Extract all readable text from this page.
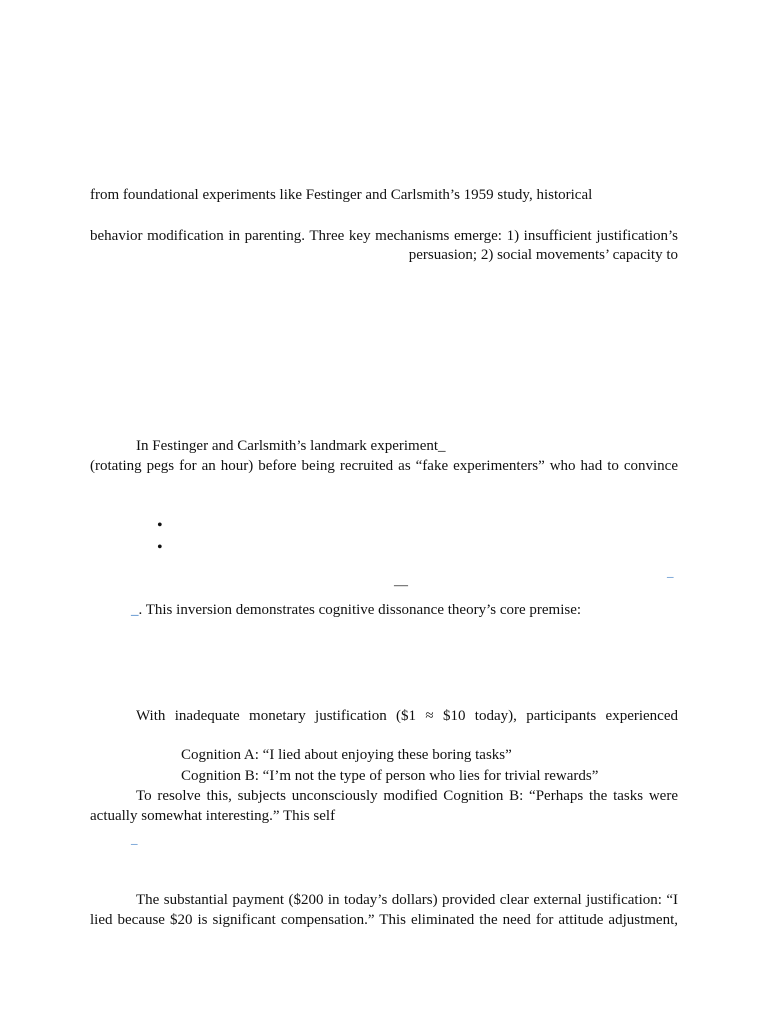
from foundational experiments like Festinger and Carlsmith’s 1959 study, historical
behavior modification in parenting. Three key mechanisms emerge: 1) insufficient justification’s
persuasion; 2) social movements’ capacity to
In Festinger and Carlsmith’s landmark experiment_
(rotating pegs for an hour) before being recruited as “fake experimenters” who had to convince
•
•
_
—
_. This inversion demonstrates cognitive dissonance theory’s core premise:
With inadequate monetary justification ($1 ≈ $10 today), participants experienced
Cognition A: “I lied about enjoying these boring tasks”
Cognition B: “I’m not the type of person who lies for trivial rewards”
To resolve this, subjects unconsciously modified Cognition B: “Perhaps the tasks were
actually somewhat interesting.” This self
_
The substantial payment ($200 in today’s dollars) provided clear external justification: “I
lied because $20 is significant compensation.” This eliminated the need for attitude adjustment,
